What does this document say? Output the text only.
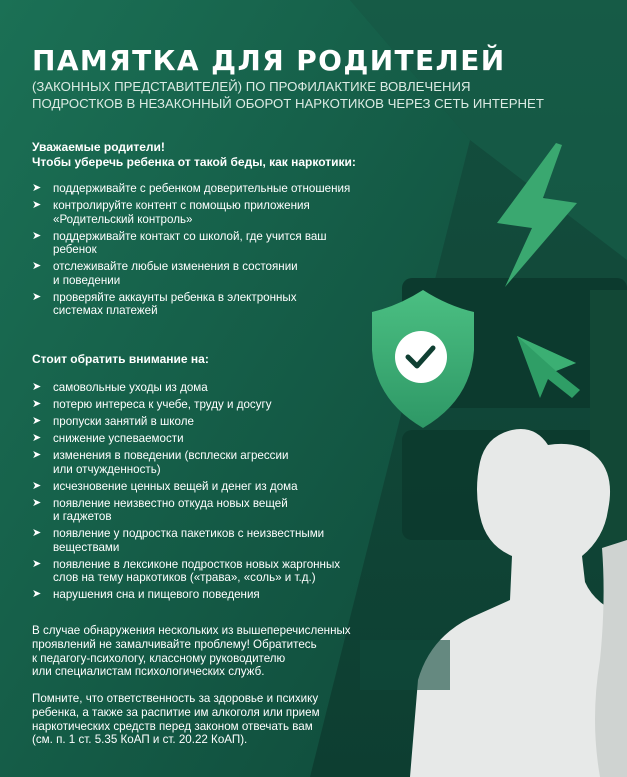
ПАМЯТКА ДЛЯ РОДИТЕЛЕЙ
(ЗАКОННЫХ ПРЕДСТАВИТЕЛЕЙ) ПО ПРОФИЛАКТИКЕ ВОВЛЕЧЕНИЯ
ПОДРОСТКОВ В НЕЗАКОННЫЙ ОБОРОТ НАРКОТИКОВ ЧЕРЕЗ СЕТЬ ИНТЕРНЕТ
Уважаемые родители!
Чтобы уберечь ребенка от такой беды, как наркотики:
➤ поддерживайте с ребенком доверительные отношения
➤ контролируйте контент с помощью приложения
«Родительский контроль»
➤ поддерживайте контакт со школой, где учится ваш
ребенок
➤ отслеживайте любые изменения в состоянии
и поведении
➤ проверяйте аккаунты ребенка в электронных
системах платежей
Стоит обратить внимание на:
➤ самовольные уходы из дома
➤ потерю интереса к учебе, труду и досугу
➤ пропуски занятий в школе
➤ снижение успеваемости
➤ изменения в поведении (всплески агрессии
или отчужденность)
➤ исчезновение ценных вещей и денег из дома
➤ появление неизвестно откуда новых вещей
и гаджетов
➤ появление у подростка пакетиков с неизвестными
веществами
➤ появление в лексиконе подростков новых жаргонных
слов на тему наркотиков («трава», «соль» и т.д.)
➤ нарушения сна и пищевого поведения
В случае обнаружения нескольких из вышеперечисленных
проявлений не замалчивайте проблему! Обратитесь
к педагогу-психологу, классному руководителю
или специалистам психологических служб.
Помните, что ответственность за здоровье и психику
ребенка, а также за распитие им алкоголя или прием
наркотических средств перед законом отвечать вам
(см. п. 1 ст. 5.35 КоАП и ст. 20.22 КоАП).
